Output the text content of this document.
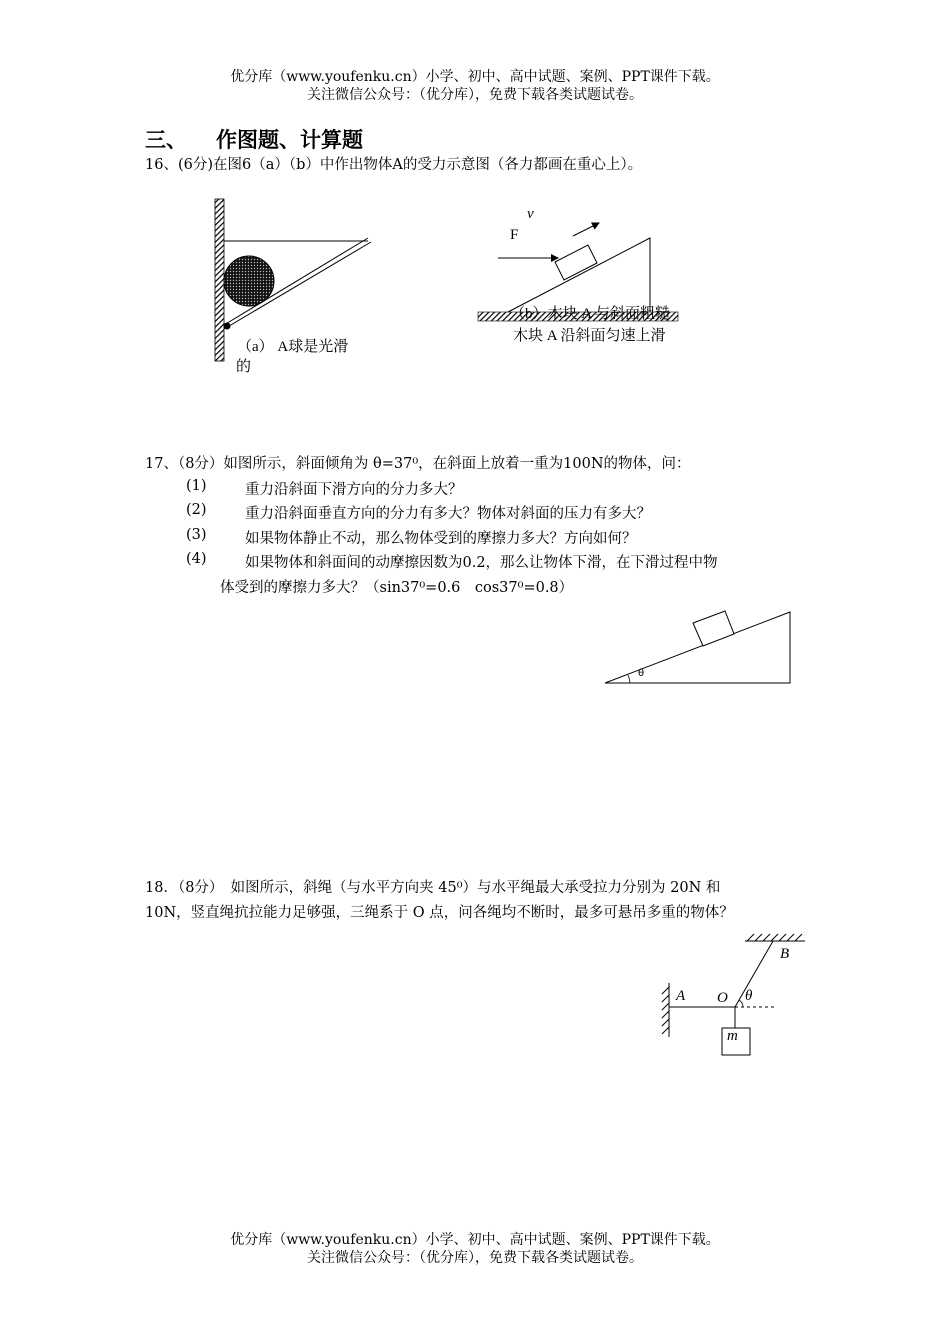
优分库（www.youfenku.cn）小学、初中、高中试题、案例、PPT课件下载。
关注微信公众号：（优分库），免费下载各类试题试卷。
三、 作图题、计算题
16、(6分)在图6（a）（b）中作出物体A的受力示意图（各力都画在重心上）。
（a） A球是光滑
的
v
F
（b）木块 A 与斜面粗糙
木块 A 沿斜面匀速上滑
17、（8分）如图所示，斜面倾角为 θ=37⁰，在斜面上放着一重为100N的物体，问：
(1)	重力沿斜面下滑方向的分力多大？
(2)	重力沿斜面垂直方向的分力有多大？物体对斜面的压力有多大？
(3)	如果物体静止不动，那么物体受到的摩擦力多大？方向如何？
(4)	如果物体和斜面间的动摩擦因数为0.2，那么让物体下滑，在下滑过程中物
体受到的摩擦力多大？（sin37⁰=0.6　cos37⁰=0.8）
θ
18．（8分）　如图所示，斜绳（与水平方向夹 45⁰）与水平绳最大承受拉力分别为 20N 和
10N，竖直绳抗拉能力足够强，三绳系于 O 点，问各绳均不断时，最多可悬吊多重的物体？
A O
B
θ
m
优分库（www.youfenku.cn）小学、初中、高中试题、案例、PPT课件下载。
关注微信公众号：（优分库），免费下载各类试题试卷。
